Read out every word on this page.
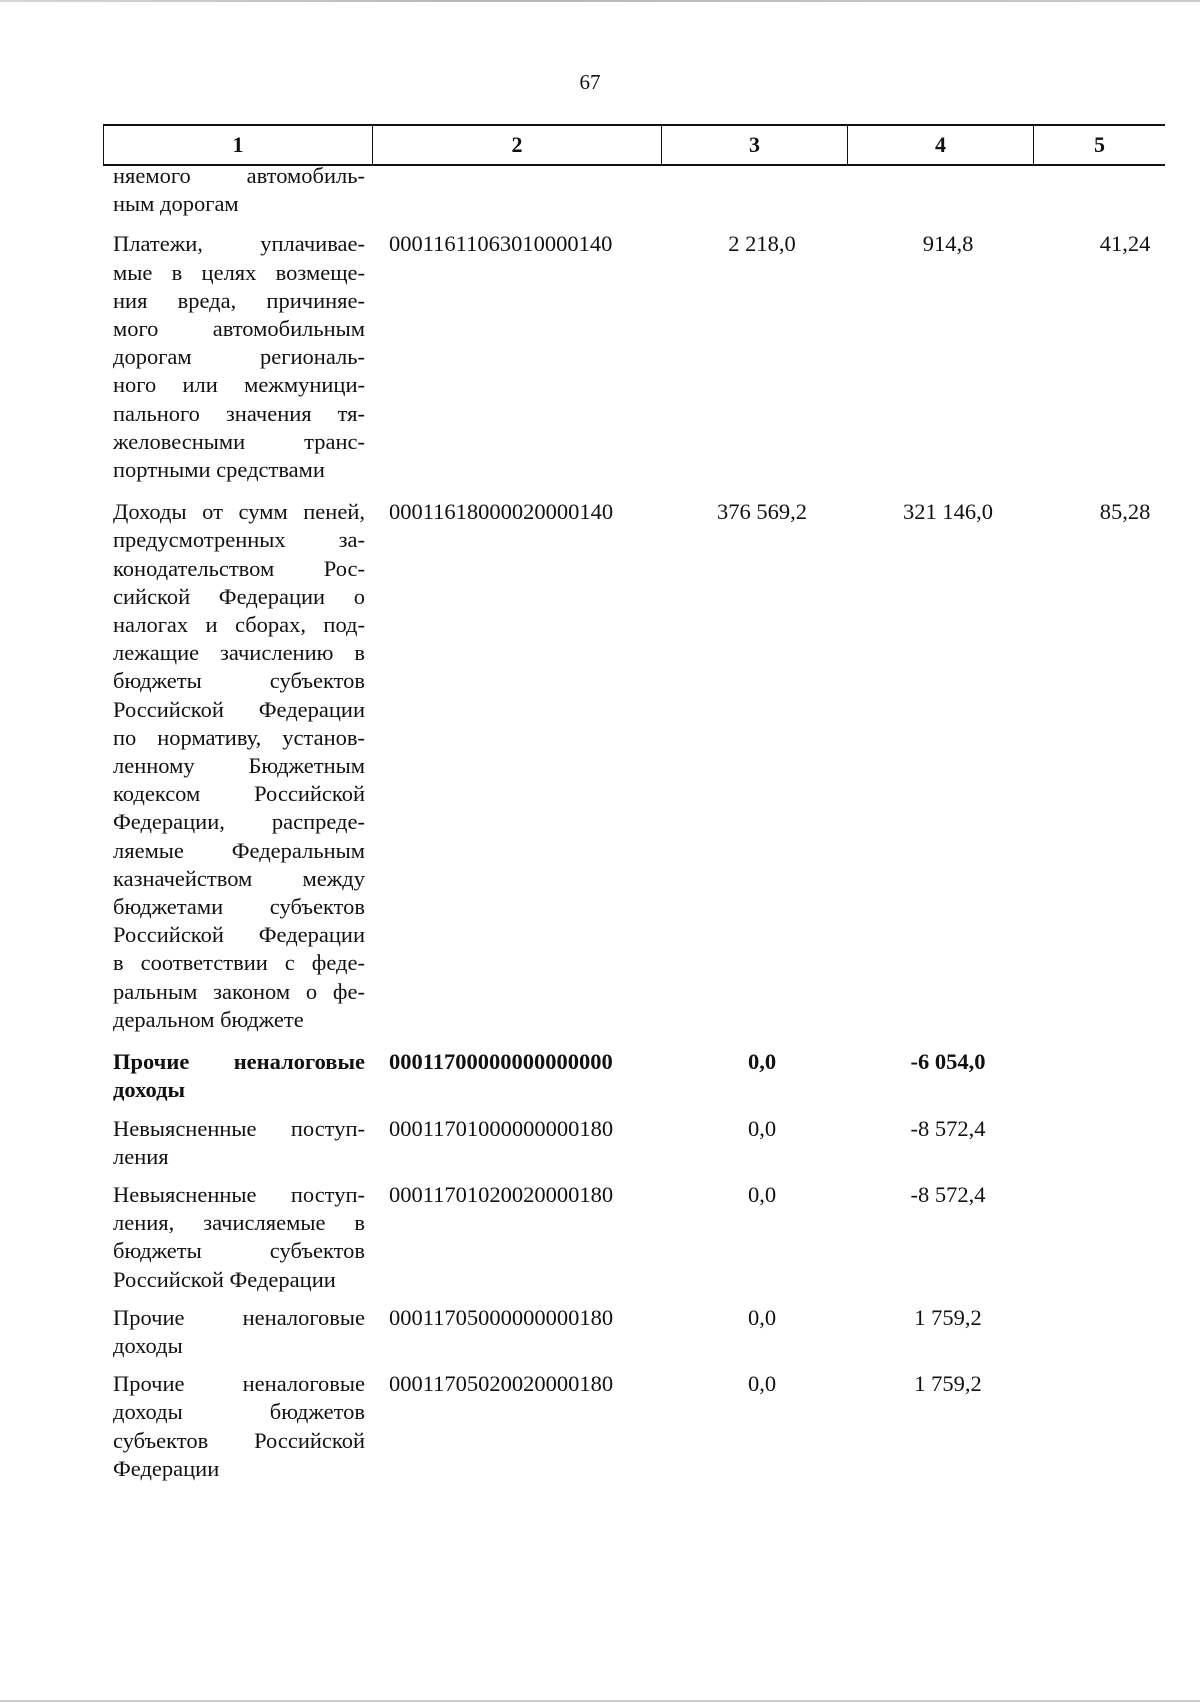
67
1	2	3	4	5
няемого автомобиль-
ным дорогам
Платежи, уплачивае-
мые в целях возмеще-
ния вреда, причиняе-
мого автомобильным
дорогам региональ-
ного или межмуници-
пального значения тя-
желовесными транс-
портными средствами
00011611063010000140	2 218,0	914,8	41,24
Доходы от сумм пеней,
предусмотренных за-
конодательством Рос-
сийской Федерации о
налогах и сборах, под-
лежащие зачислению в
бюджеты субъектов
Российской Федерации
по нормативу, установ-
ленному Бюджетным
кодексом Российской
Федерации, распреде-
ляемые Федеральным
казначейством между
бюджетами субъектов
Российской Федерации
в соответствии с феде-
ральным законом о фе-
деральном бюджете
00011618000020000140	376 569,2	321 146,0	85,28
Прочие неналоговые
доходы
00011700000000000000	0,0	-6 054,0
Невыясненные поступ-
ления
00011701000000000180	0,0	-8 572,4
Невыясненные поступ-
ления, зачисляемые в
бюджеты субъектов
Российской Федерации
00011701020020000180	0,0	-8 572,4
Прочие неналоговые
доходы
00011705000000000180	0,0	1 759,2
Прочие неналоговые
доходы бюджетов
субъектов Российской
Федерации
00011705020020000180	0,0	1 759,2
